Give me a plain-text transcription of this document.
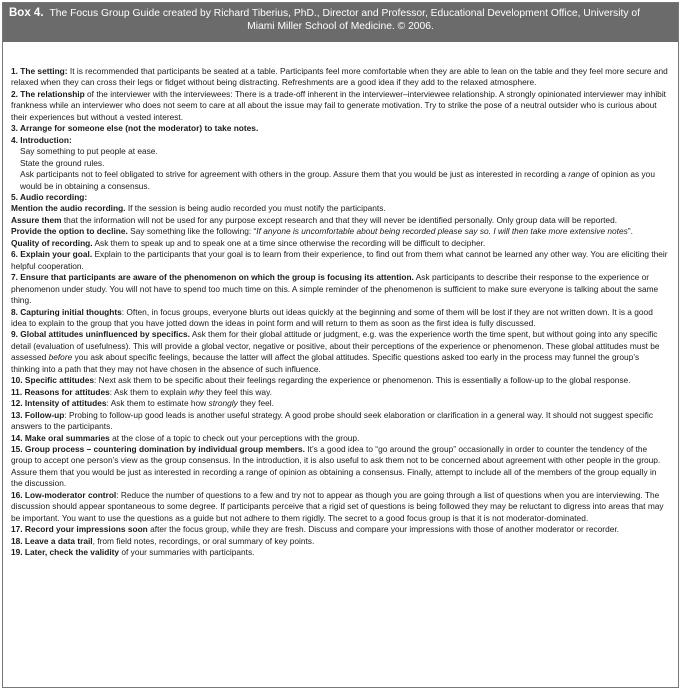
Box 4. The Focus Group Guide created by Richard Tiberius, PhD., Director and Professor, Educational Development Office, University of
Miami Miller School of Medicine. © 2006.

1. The setting: It is recommended that participants be seated at a table. Participants feel more comfortable when they are able to lean on the table and they feel more secure and relaxed when they can cross their legs or fidget without being distracting. Refreshments are a good idea if they add to the relaxed atmosphere.

2. The relationship of the interviewer with the interviewees: There is a trade-off inherent in the interviewer–interviewee relationship. A strongly opinionated interviewer may inhibit frankness while an interviewer who does not seem to care at all about the issue may fail to generate motivation. Try to strike the pose of a neutral outsider who is curious about their experiences but without a vested interest.

3. Arrange for someone else (not the moderator) to take notes.

4. Introduction:

Say something to put people at ease.

State the ground rules.

Ask participants not to feel obligated to strive for agreement with others in the group. Assure them that you would be just as interested in recording a range of opinion as you would be in obtaining a consensus.

5. Audio recording:

Mention the audio recording. If the session is being audio recorded you must notify the participants.

Assure them that the information will not be used for any purpose except research and that they will never be identified personally. Only group data will be reported.

Provide the option to decline. Say something like the following: “If anyone is uncomfortable about being recorded please say so. I will then take more extensive notes”.

Quality of recording. Ask them to speak up and to speak one at a time since otherwise the recording will be difficult to decipher.

6. Explain your goal. Explain to the participants that your goal is to learn from their experience, to find out from them what cannot be learned any other way. You are eliciting their helpful cooperation.

7. Ensure that participants are aware of the phenomenon on which the group is focusing its attention. Ask participants to describe their response to the experience or phenomenon under study. You will not have to spend too much time on this. A simple reminder of the phenomenon is sufficient to make sure everyone is talking about the same thing.

8. Capturing initial thoughts: Often, in focus groups, everyone blurts out ideas quickly at the beginning and some of them will be lost if they are not written down. It is a good idea to explain to the group that you have jotted down the ideas in point form and will return to them as soon as the first idea is fully discussed.

9. Global attitudes uninfluenced by specifics. Ask them for their global attitude or judgment, e.g. was the experience worth the time spent, but without going into any specific detail (evaluation of usefulness). This will provide a global vector, negative or positive, about their perceptions of the experience or phenomenon. These global attitudes must be assessed before you ask about specific feelings, because the latter will affect the global attitudes. Specific questions asked too early in the process may funnel the group’s thinking into a path that they may not have chosen in the absence of such influence.

10. Specific attitudes: Next ask them to be specific about their feelings regarding the experience or phenomenon. This is essentially a follow-up to the global response.

11. Reasons for attitudes: Ask them to explain why they feel this way.

12. Intensity of attitudes: Ask them to estimate how strongly they feel.

13. Follow-up: Probing to follow-up good leads is another useful strategy. A good probe should seek elaboration or clarification in a general way. It should not suggest specific answers to the participants.

14. Make oral summaries at the close of a topic to check out your perceptions with the group.

15. Group process – countering domination by individual group members. It’s a good idea to “go around the group” occasionally in order to counter the tendency of the group to accept one person’s view as the group consensus. In the introduction, it is also useful to ask them not to be concerned about agreement with other people in the group. Assure them that you would be just as interested in recording a range of opinion as obtaining a consensus. Finally, attempt to include all of the members of the group equally in the discussion.

16. Low-moderator control: Reduce the number of questions to a few and try not to appear as though you are going through a list of questions when you are interviewing. The discussion should appear spontaneous to some degree. If participants perceive that a rigid set of questions is being followed they may be reluctant to digress into areas that may be important. You want to use the questions as a guide but not adhere to them rigidly. The secret to a good focus group is that it is not moderator-dominated.

17. Record your impressions soon after the focus group, while they are fresh. Discuss and compare your impressions with those of another moderator or recorder.

18. Leave a data trail, from field notes, recordings, or oral summary of key points.

19. Later, check the validity of your summaries with participants.
